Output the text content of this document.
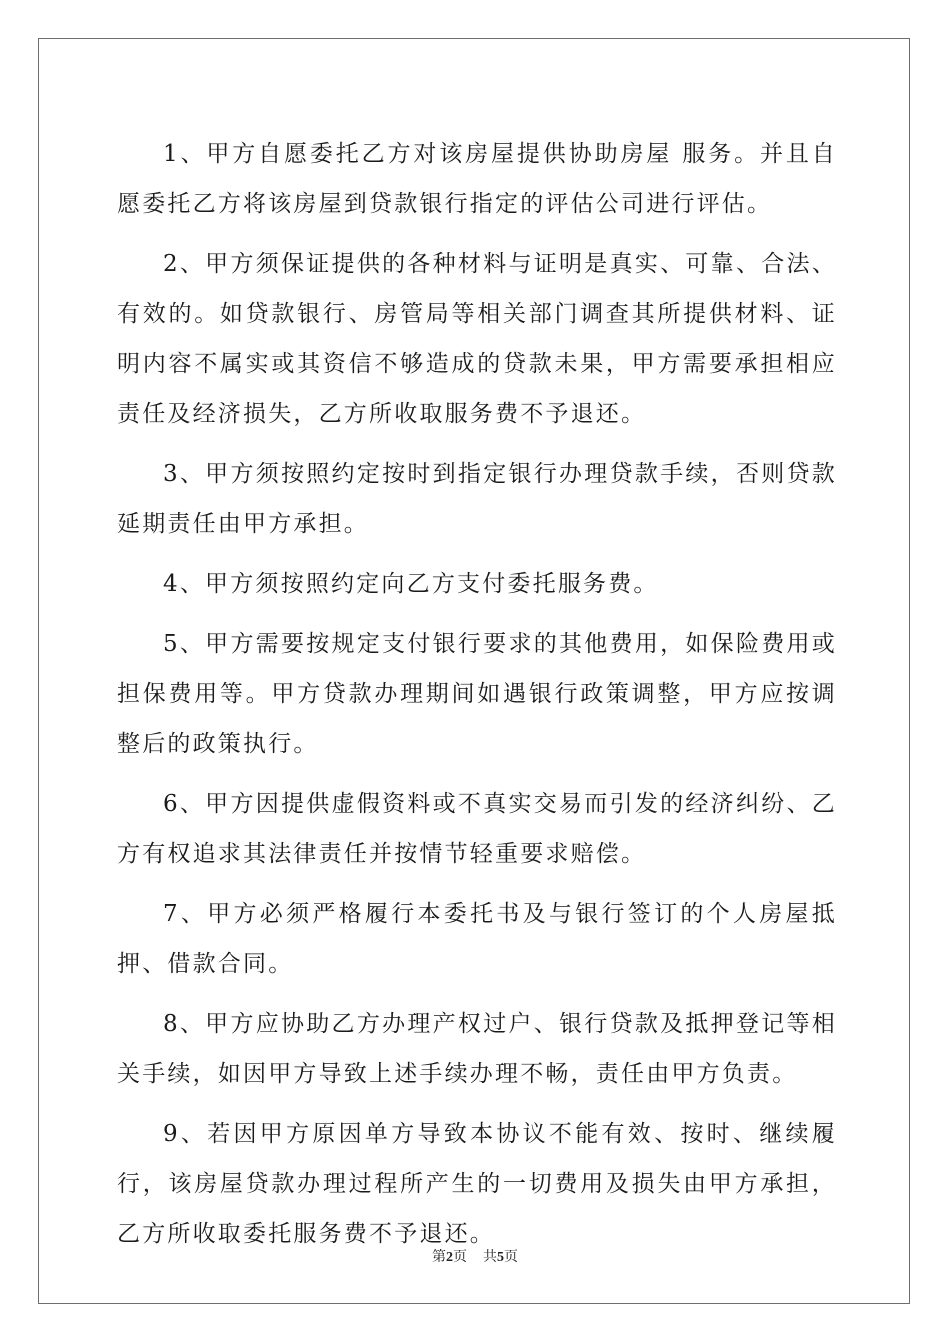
1、甲方自愿委托乙方对该房屋提供协助房屋 服务。并且自愿委托乙方将该房屋到贷款银行指定的评估公司进行评估。

2、甲方须保证提供的各种材料与证明是真实、可靠、合法、有效的。如贷款银行、房管局等相关部门调查其所提供材料、证明内容不属实或其资信不够造成的贷款未果，甲方需要承担相应责任及经济损失，乙方所收取服务费不予退还。

3、甲方须按照约定按时到指定银行办理贷款手续，否则贷款延期责任由甲方承担。

4、甲方须按照约定向乙方支付委托服务费。

5、甲方需要按规定支付银行要求的其他费用，如保险费用或担保费用等。甲方贷款办理期间如遇银行政策调整，甲方应按调整后的政策执行。

6、甲方因提供虚假资料或不真实交易而引发的经济纠纷、乙方有权追求其法律责任并按情节轻重要求赔偿。

7、甲方必须严格履行本委托书及与银行签订的个人房屋抵押、借款合同。

8、甲方应协助乙方办理产权过户、银行贷款及抵押登记等相关手续，如因甲方导致上述手续办理不畅，责任由甲方负责。

9、若因甲方原因单方导致本协议不能有效、按时、继续履行，该房屋贷款办理过程所产生的一切费用及损失由甲方承担，乙方所收取委托服务费不予退还。

第2页 共5页
